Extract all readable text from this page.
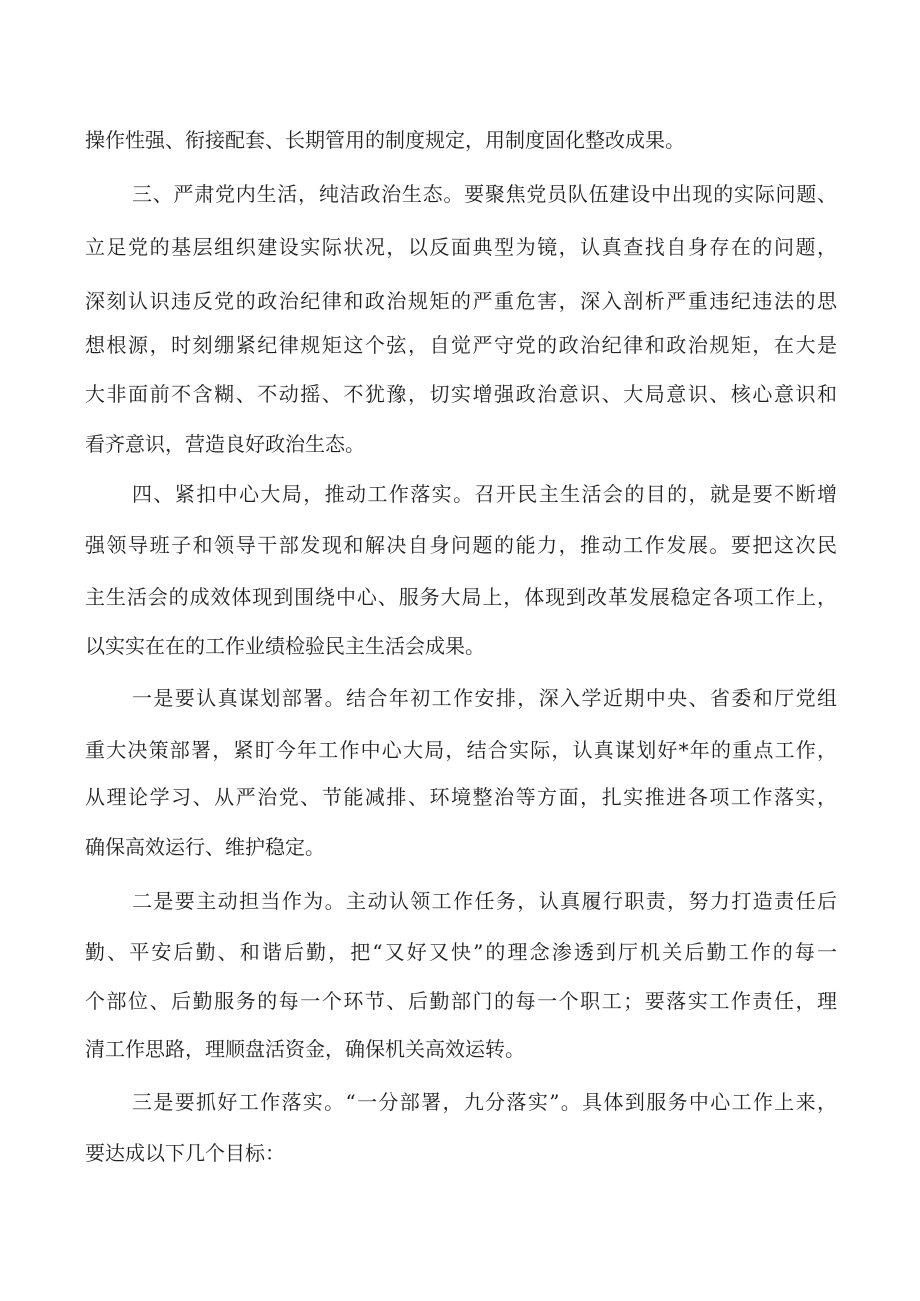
操作性强、衔接配套、长期管用的制度规定，用制度固化整改成果。

三、严肃党内生活，纯洁政治生态。要聚焦党员队伍建设中出现的实际问题、

立足党的基层组织建设实际状况，以反面典型为镜，认真查找自身存在的问题，

深刻认识违反党的政治纪律和政治规矩的严重危害，深入剖析严重违纪违法的思

想根源，时刻绷紧纪律规矩这个弦，自觉严守党的政治纪律和政治规矩，在大是

大非面前不含糊、不动摇、不犹豫，切实增强政治意识、大局意识、核心意识和

看齐意识，营造良好政治生态。

四、紧扣中心大局，推动工作落实。召开民主生活会的目的，就是要不断增

强领导班子和领导干部发现和解决自身问题的能力，推动工作发展。要把这次民

主生活会的成效体现到围绕中心、服务大局上，体现到改革发展稳定各项工作上，

以实实在在的工作业绩检验民主生活会成果。

一是要认真谋划部署。结合年初工作安排，深入学近期中央、省委和厅党组

重大决策部署，紧盯今年工作中心大局，结合实际，认真谋划好*年的重点工作，

从理论学习、从严治党、节能减排、环境整治等方面，扎实推进各项工作落实，

确保高效运行、维护稳定。

二是要主动担当作为。主动认领工作任务，认真履行职责，努力打造责任后

勤、平安后勤、和谐后勤，把“又好又快”的理念渗透到厅机关后勤工作的每一

个部位、后勤服务的每一个环节、后勤部门的每一个职工；要落实工作责任，理

清工作思路，理顺盘活资金，确保机关高效运转。

三是要抓好工作落实。“一分部署，九分落实”。具体到服务中心工作上来，

要达成以下几个目标：
